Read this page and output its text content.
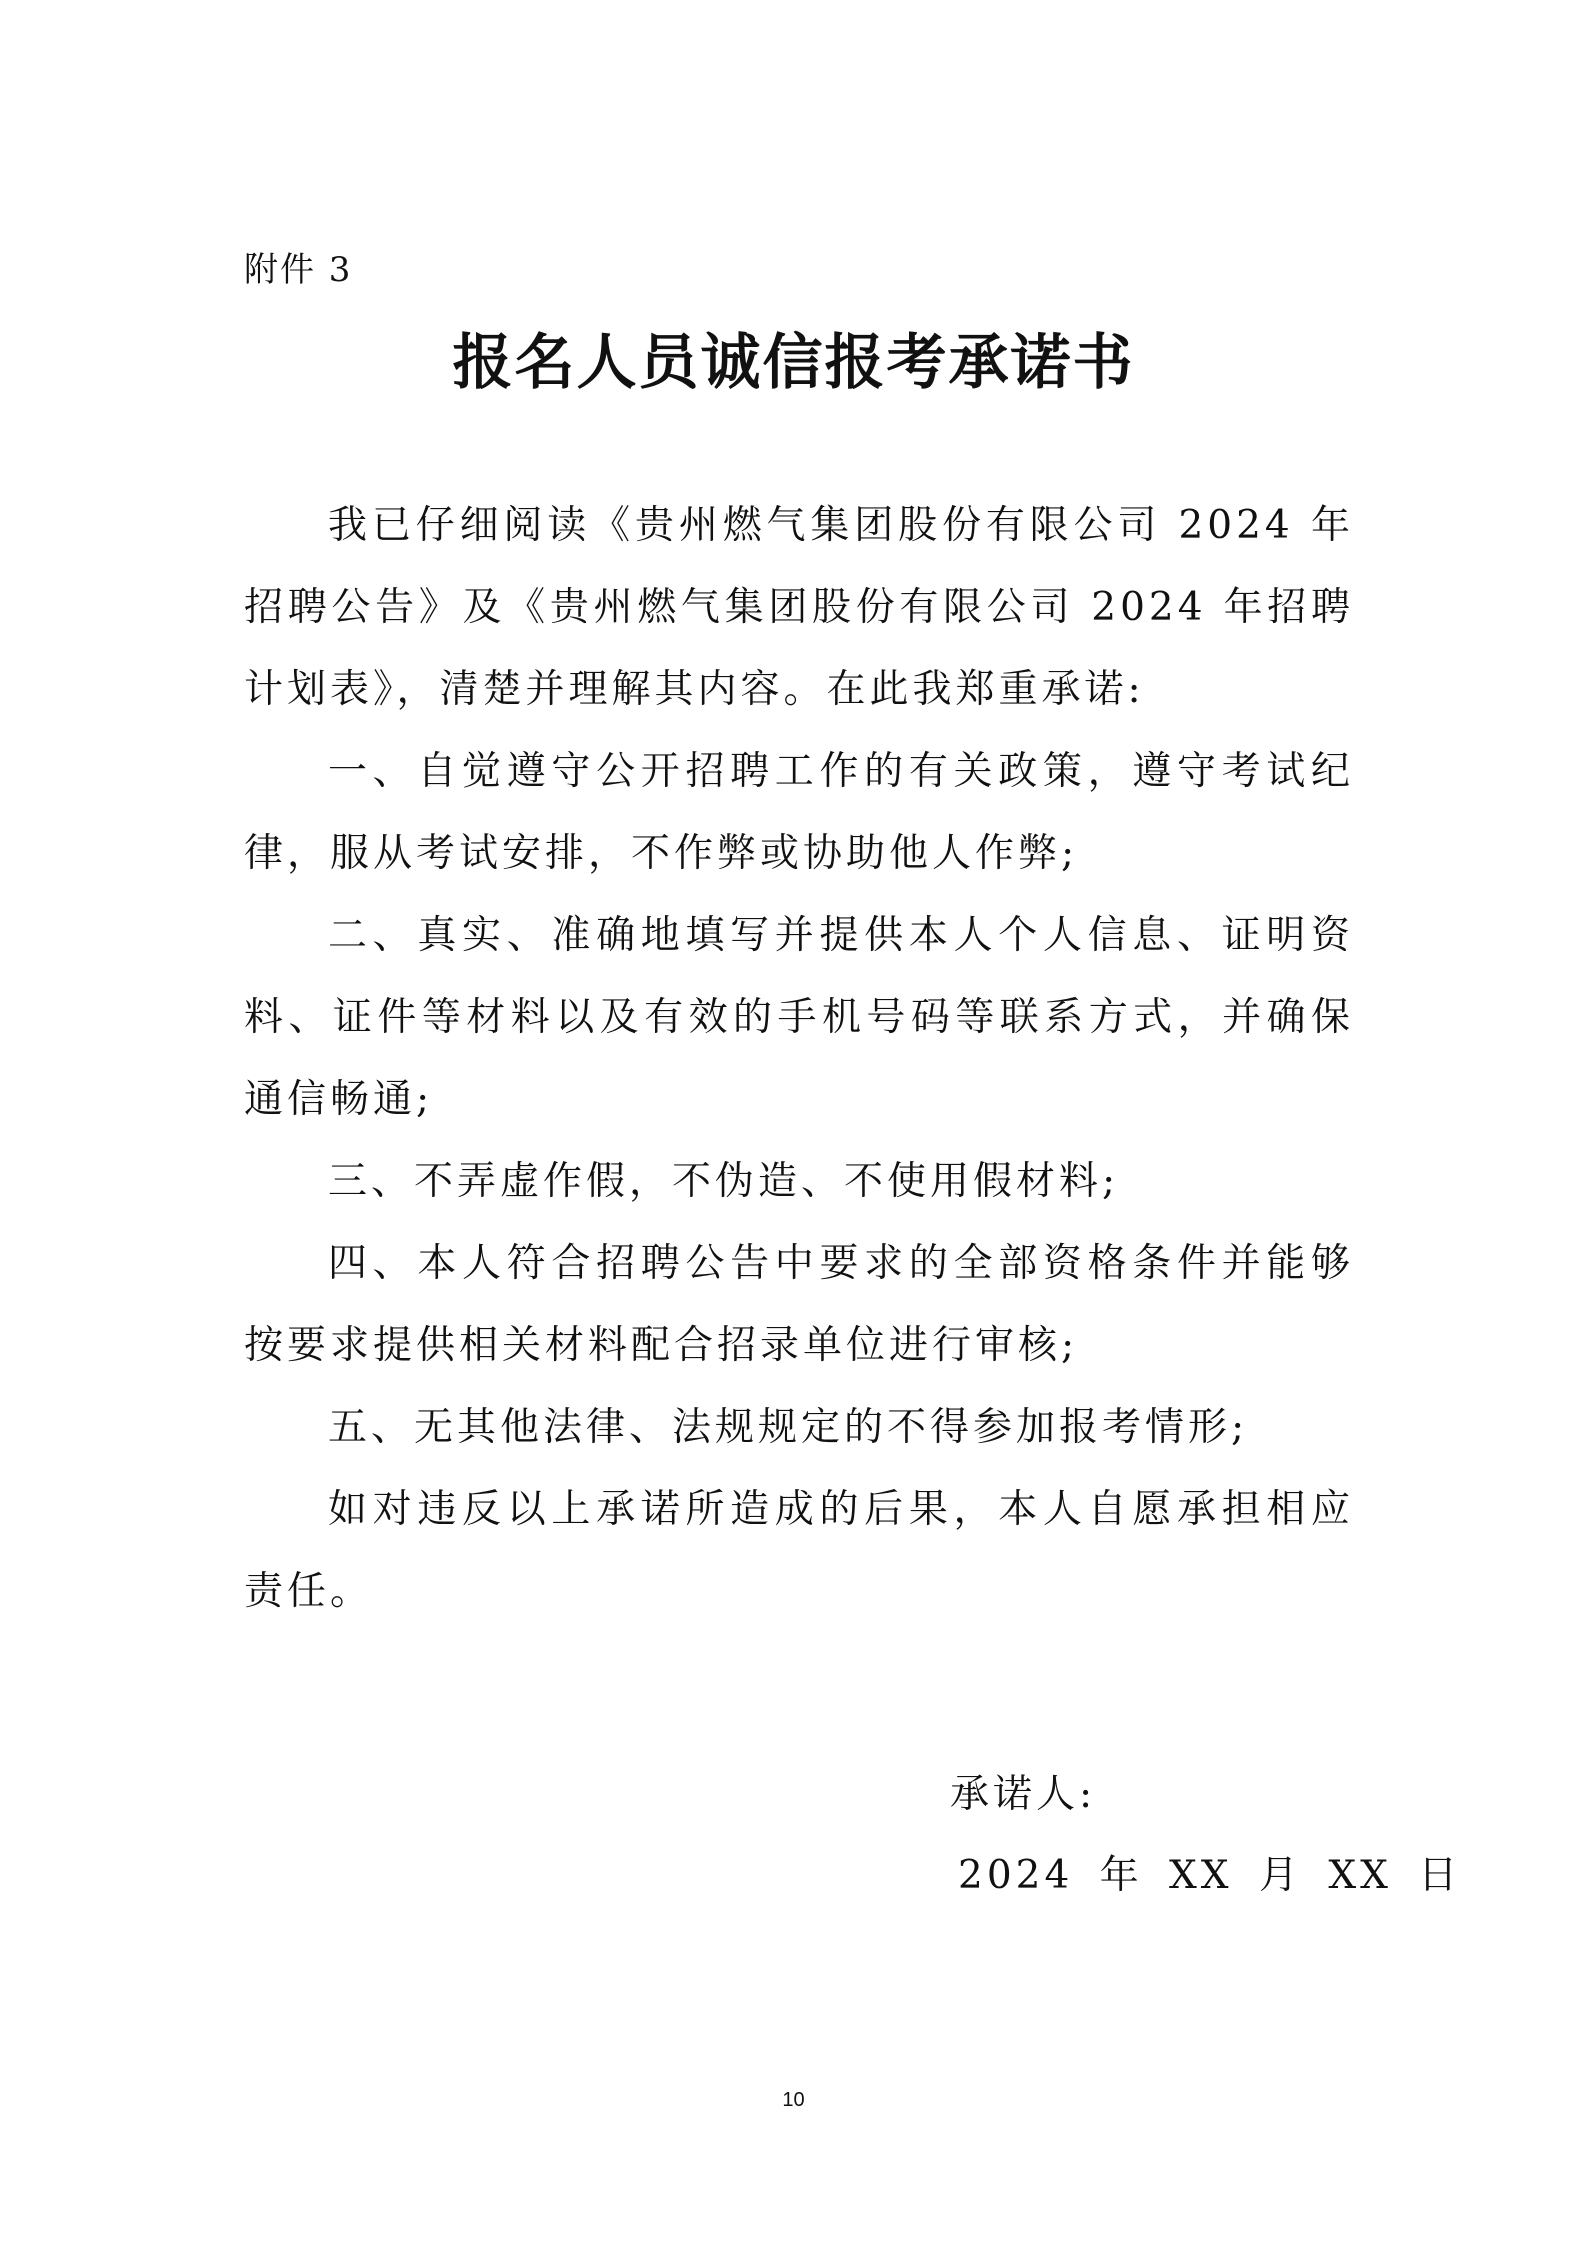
附件 3
报名人员诚信报考承诺书

我已仔细阅读《贵州燃气集团股份有限公司 2024 年招聘公告》及《贵州燃气集团股份有限公司 2024 年招聘计划表》，清楚并理解其内容。在此我郑重承诺:

一、自觉遵守公开招聘工作的有关政策，遵守考试纪律，服从考试安排，不作弊或协助他人作弊;

二、真实、准确地填写并提供本人个人信息、证明资料、证件等材料以及有效的手机号码等联系方式，并确保通信畅通;

三、不弄虚作假，不伪造、不使用假材料;

四、本人符合招聘公告中要求的全部资格条件并能够按要求提供相关材料配合招录单位进行审核;

五、无其他法律、法规规定的不得参加报考情形;

如对违反以上承诺所造成的后果，本人自愿承担相应责任。

承诺人:
2024 年 XX 月 XX 日
10
